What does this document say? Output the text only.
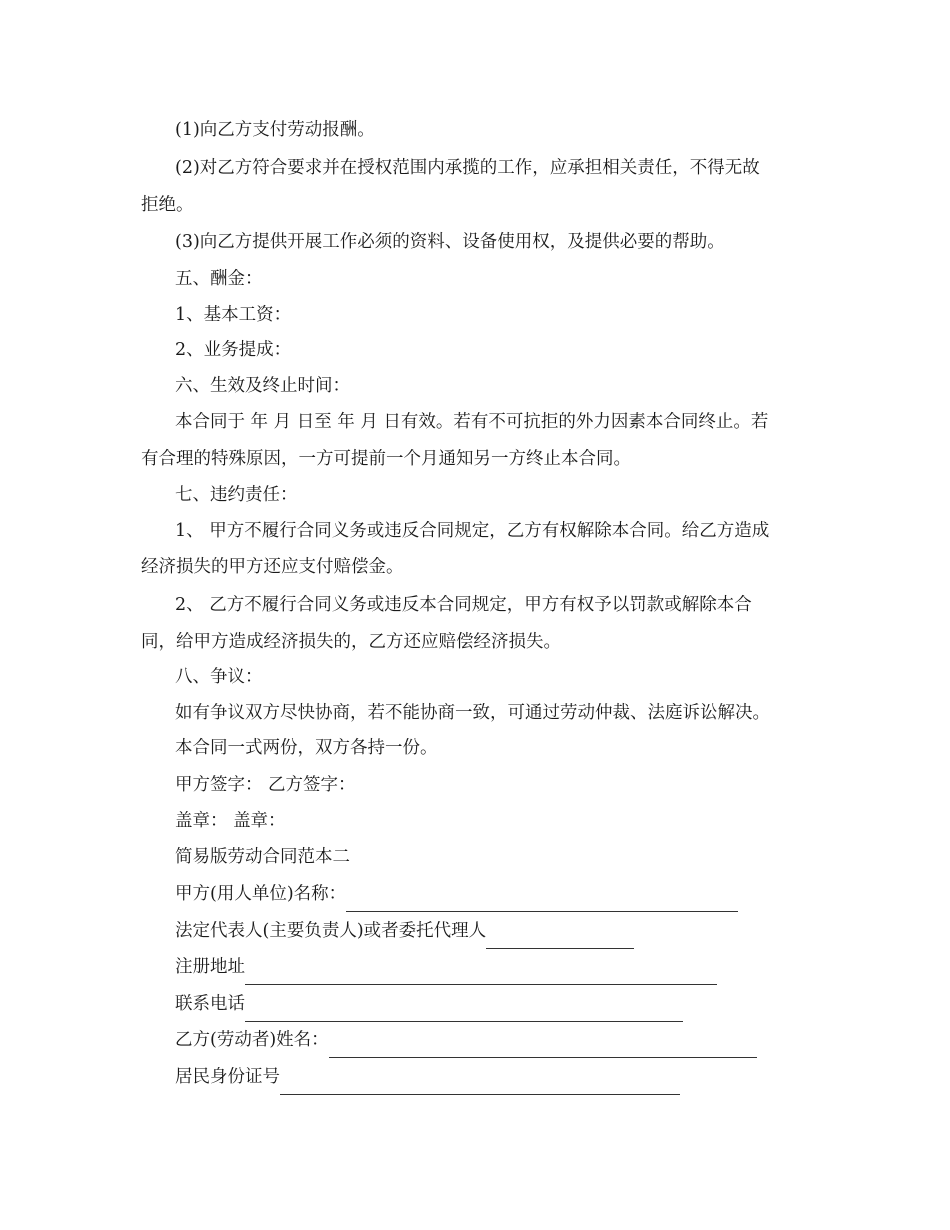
(1)向乙方支付劳动报酬。

(2)对乙方符合要求并在授权范围内承揽的工作，应承担相关责任，不得无故

拒绝。

(3)向乙方提供开展工作必须的资料、设备使用权，及提供必要的帮助。

五、酬金：

1、基本工资：

2、业务提成：

六、生效及终止时间：

本合同于 年 月 日至 年 月 日有效。若有不可抗拒的外力因素本合同终止。若

有合理的特殊原因，一方可提前一个月通知另一方终止本合同。

七、违约责任：

1、 甲方不履行合同义务或违反合同规定，乙方有权解除本合同。给乙方造成

经济损失的甲方还应支付赔偿金。

2、 乙方不履行合同义务或违反本合同规定，甲方有权予以罚款或解除本合

同，给甲方造成经济损失的，乙方还应赔偿经济损失。

八、争议：

如有争议双方尽快协商，若不能协商一致，可通过劳动仲裁、法庭诉讼解决。

本合同一式两份，双方各持一份。

甲方签字： 乙方签字：

盖章： 盖章：

简易版劳动合同范本二

甲方(用人单位)名称：

法定代表人(主要负责人)或者委托代理人

注册地址

联系电话

乙方(劳动者)姓名：

居民身份证号
